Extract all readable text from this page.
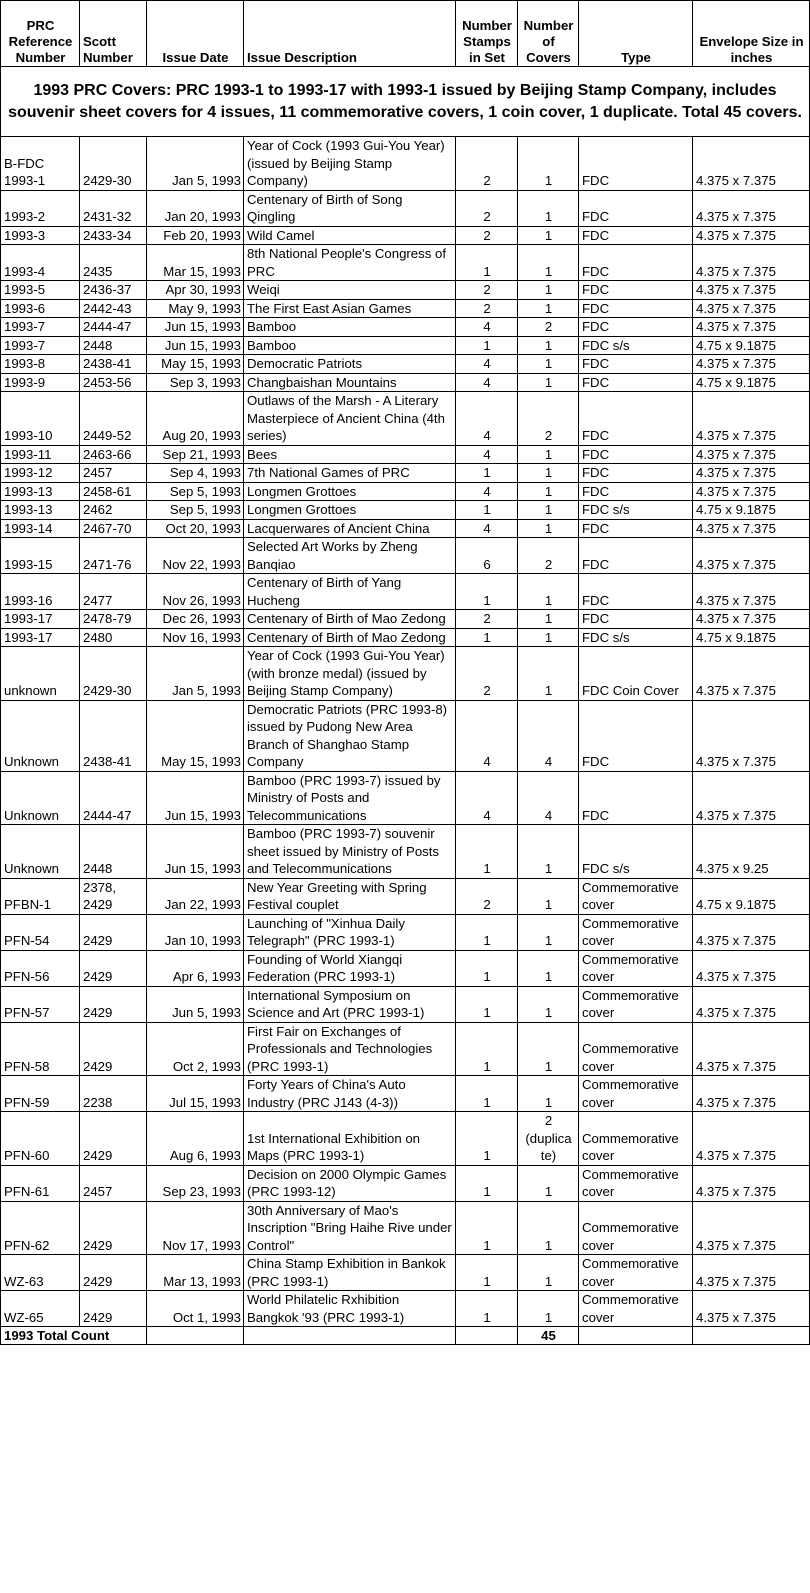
PRC Reference Number	Scott Number	Issue Date	Issue Description	Number Stamps in Set	Number of Covers	Type	Envelope Size in inches
1993 PRC Covers: PRC 1993-1 to 1993-17 with 1993-1 issued by Beijing Stamp Company, includes souvenir sheet covers for 4 issues, 11 commemorative covers, 1 coin cover, 1 duplicate. Total 45 covers.							
B-FDC 1993-1	2429-30	Jan 5, 1993	Year of Cock (1993 Gui-You Year) (issued by Beijing Stamp Company)	2	1	FDC	4.375 x 7.375
1993-2	2431-32	Jan 20, 1993	Centenary of Birth of Song Qingling	2	1	FDC	4.375 x 7.375
1993-3	2433-34	Feb 20, 1993	Wild Camel	2	1	FDC	4.375 x 7.375
1993-4	2435	Mar 15, 1993	8th National People's Congress of PRC	1	1	FDC	4.375 x 7.375
1993-5	2436-37	Apr 30, 1993	Weiqi	2	1	FDC	4.375 x 7.375
1993-6	2442-43	May 9, 1993	The First East Asian Games	2	1	FDC	4.375 x 7.375
1993-7	2444-47	Jun 15, 1993	Bamboo	4	2	FDC	4.375 x 7.375
1993-7	2448	Jun 15, 1993	Bamboo	1	1	FDC s/s	4.75 x 9.1875
1993-8	2438-41	May 15, 1993	Democratic Patriots	4	1	FDC	4.375 x 7.375
1993-9	2453-56	Sep 3, 1993	Changbaishan Mountains	4	1	FDC	4.75 x 9.1875
1993-10	2449-52	Aug 20, 1993	Outlaws of the Marsh - A Literary Masterpiece of Ancient China (4th series)	4	2	FDC	4.375 x 7.375
1993-11	2463-66	Sep 21, 1993	Bees	4	1	FDC	4.375 x 7.375
1993-12	2457	Sep 4, 1993	7th National Games of PRC	1	1	FDC	4.375 x 7.375
1993-13	2458-61	Sep 5, 1993	Longmen Grottoes	4	1	FDC	4.375 x 7.375
1993-13	2462	Sep 5, 1993	Longmen Grottoes	1	1	FDC s/s	4.75 x 9.1875
1993-14	2467-70	Oct 20, 1993	Lacquerwares of Ancient China	4	1	FDC	4.375 x 7.375
1993-15	2471-76	Nov 22, 1993	Selected Art Works by Zheng Banqiao	6	2	FDC	4.375 x 7.375
1993-16	2477	Nov 26, 1993	Centenary of Birth of Yang Hucheng	1	1	FDC	4.375 x 7.375
1993-17	2478-79	Dec 26, 1993	Centenary of Birth of Mao Zedong	2	1	FDC	4.375 x 7.375
1993-17	2480	Nov 16, 1993	Centenary of Birth of Mao Zedong	1	1	FDC s/s	4.75 x 9.1875
unknown	2429-30	Jan 5, 1993	Year of Cock (1993 Gui-You Year) (with bronze medal) (issued by Beijing Stamp Company)	2	1	FDC Coin Cover	4.375 x 7.375
Unknown	2438-41	May 15, 1993	Democratic Patriots (PRC 1993-8) issued by Pudong New Area Branch of Shanghao Stamp Company	4	4	FDC	4.375 x 7.375
Unknown	2444-47	Jun 15, 1993	Bamboo (PRC 1993-7) issued by Ministry of Posts and Telecommunications	4	4	FDC	4.375 x 7.375
Unknown	2448	Jun 15, 1993	Bamboo (PRC 1993-7) souvenir sheet issued by Ministry of Posts and Telecommunications	1	1	FDC s/s	4.375 x 9.25
PFBN-1	2378, 2429	Jan 22, 1993	New Year Greeting with Spring Festival couplet	2	1	Commemorative cover	4.75 x 9.1875
PFN-54	2429	Jan 10, 1993	Launching of "Xinhua Daily Telegraph" (PRC 1993-1)	1	1	Commemorative cover	4.375 x 7.375
PFN-56	2429	Apr 6, 1993	Founding of World Xiangqi Federation (PRC 1993-1)	1	1	Commemorative cover	4.375 x 7.375
PFN-57	2429	Jun 5, 1993	International Symposium on Science and Art (PRC 1993-1)	1	1	Commemorative cover	4.375 x 7.375
PFN-58	2429	Oct 2, 1993	First Fair on Exchanges of Professionals and Technologies (PRC 1993-1)	1	1	Commemorative cover	4.375 x 7.375
PFN-59	2238	Jul 15, 1993	Forty Years of China's Auto Industry (PRC J143 (4-3))	1	1	Commemorative cover	4.375 x 7.375
PFN-60	2429	Aug 6, 1993	1st International Exhibition on Maps (PRC 1993-1)	1	2 (duplica te)	Commemorative cover	4.375 x 7.375
PFN-61	2457	Sep 23, 1993	Decision on 2000 Olympic Games (PRC 1993-12)	1	1	Commemorative cover	4.375 x 7.375
PFN-62	2429	Nov 17, 1993	30th Anniversary of Mao's Inscription "Bring Haihe Rive under Control"	1	1	Commemorative cover	4.375 x 7.375
WZ-63	2429	Mar 13, 1993	China Stamp Exhibition in Bankok (PRC 1993-1)	1	1	Commemorative cover	4.375 x 7.375
WZ-65	2429	Oct 1, 1993	World Philatelic Rxhibition Bangkok '93 (PRC 1993-1)	1	1	Commemorative cover	4.375 x 7.375
1993 Total Count					45		
